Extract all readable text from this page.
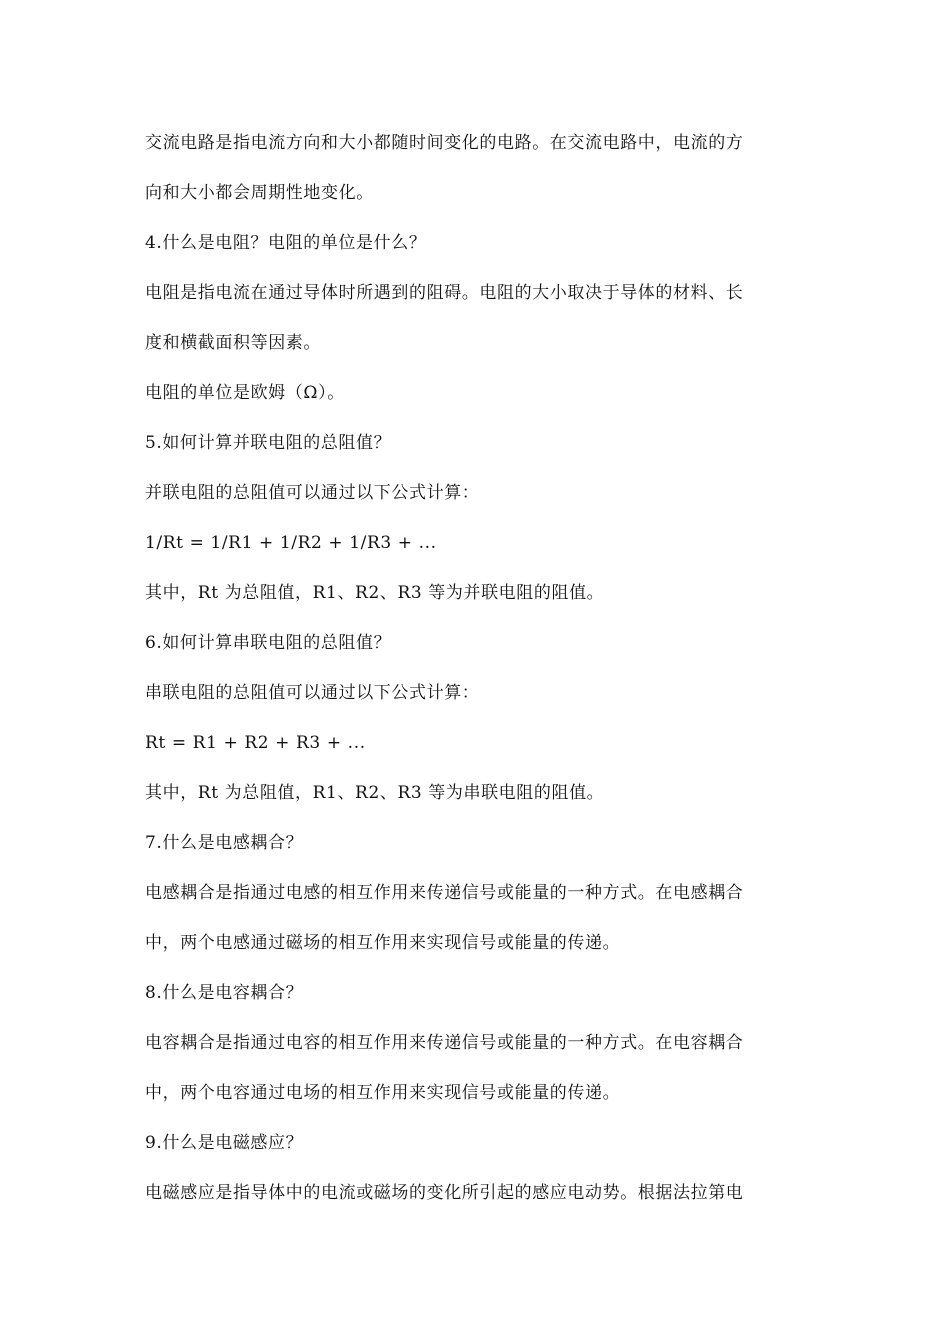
交流电路是指电流方向和大小都随时间变化的电路。在交流电路中，电流的方
向和大小都会周期性地变化。
4.什么是电阻？电阻的单位是什么？
电阻是指电流在通过导体时所遇到的阻碍。电阻的大小取决于导体的材料、长
度和横截面积等因素。
电阻的单位是欧姆（Ω）。
5.如何计算并联电阻的总阻值？
并联电阻的总阻值可以通过以下公式计算：
1/Rt = 1/R1 + 1/R2 + 1/R3 + ...
其中，Rt 为总阻值，R1、R2、R3 等为并联电阻的阻值。
6.如何计算串联电阻的总阻值？
串联电阻的总阻值可以通过以下公式计算：
Rt = R1 + R2 + R3 + ...
其中，Rt 为总阻值，R1、R2、R3 等为串联电阻的阻值。
7.什么是电感耦合？
电感耦合是指通过电感的相互作用来传递信号或能量的一种方式。在电感耦合
中，两个电感通过磁场的相互作用来实现信号或能量的传递。
8.什么是电容耦合？
电容耦合是指通过电容的相互作用来传递信号或能量的一种方式。在电容耦合
中，两个电容通过电场的相互作用来实现信号或能量的传递。
9.什么是电磁感应？
电磁感应是指导体中的电流或磁场的变化所引起的感应电动势。根据法拉第电
